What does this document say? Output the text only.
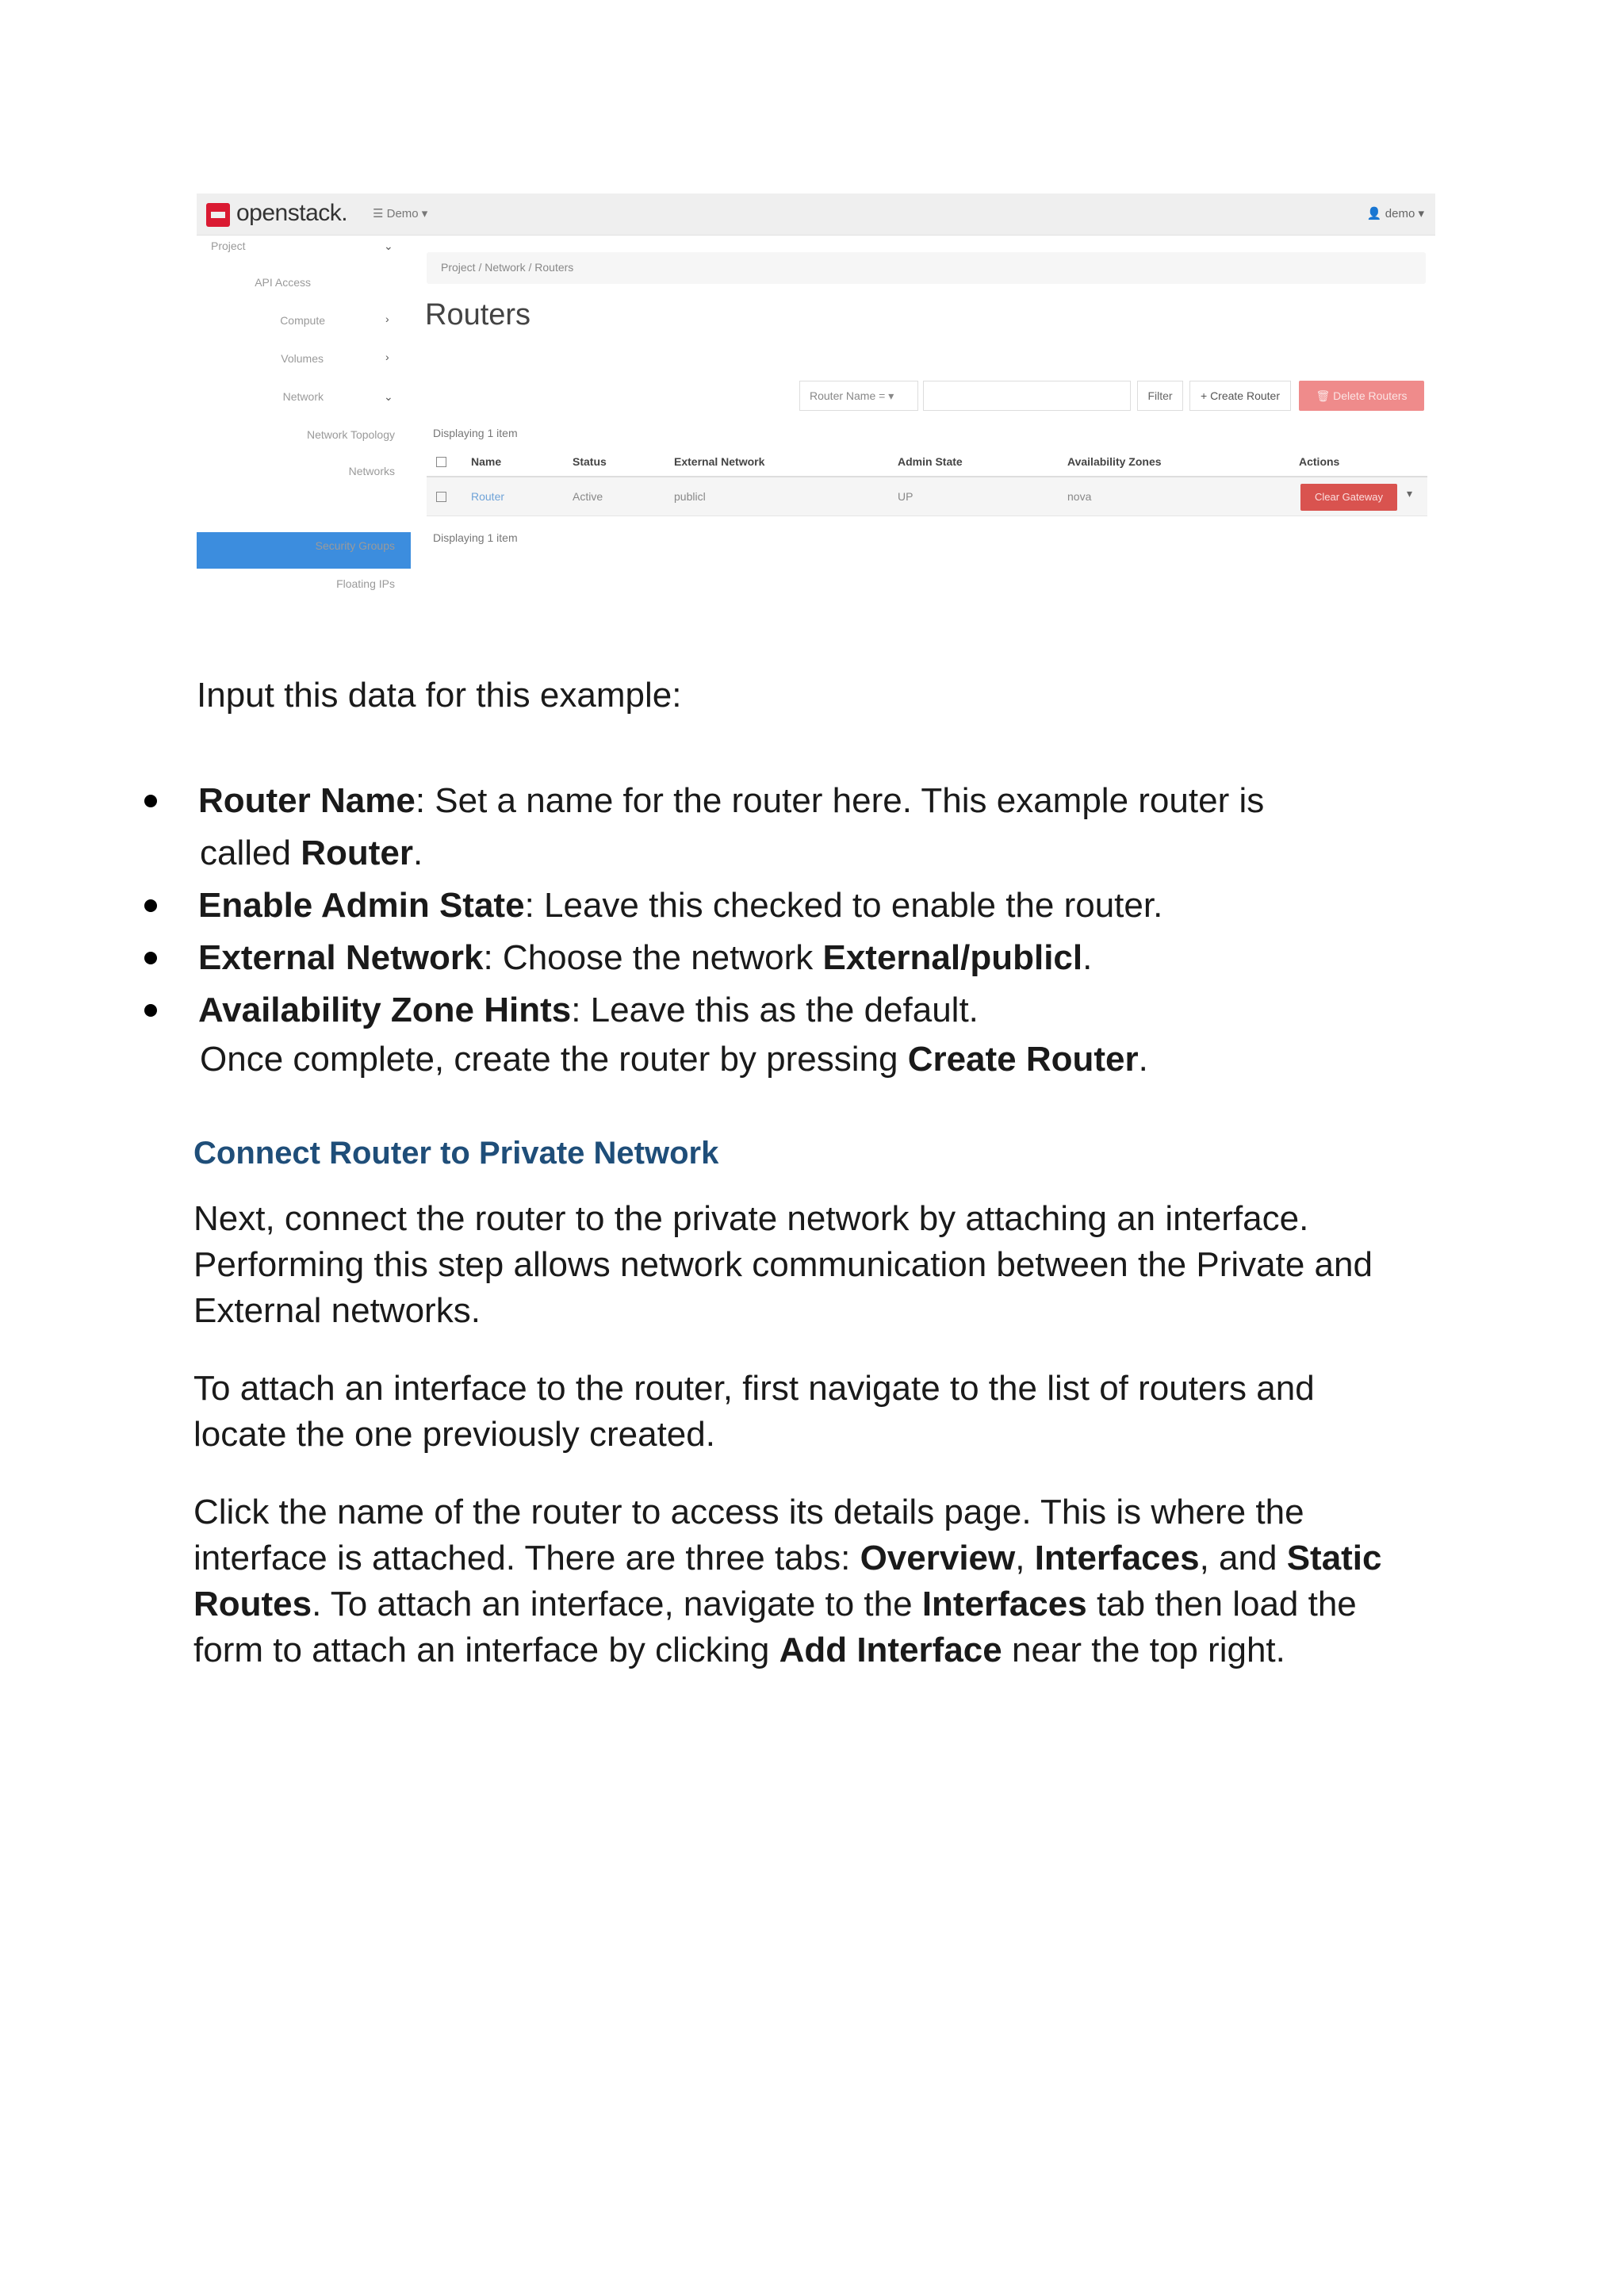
openstack. ☰ Demo ▾	👤 demo ▾
Project	⌄
API Access
Compute	›
Volumes	›
Network	⌄
Network Topology
Networks
Routers
Security Groups
Floating IPs
Project / Network / Routers
Routers
Router Name = ▾	Filter	+ Create Router	🗑 Delete Routers
Displaying 1 item
Name	Status	External Network	Admin State	Availability Zones	Actions
Router	Active	publicl	UP	nova	Clear Gateway	▾
Displaying 1 item
Input this data for this example:
Router Name: Set a name for the router here. This example router is
called Router.
Enable Admin State: Leave this checked to enable the router.
External Network: Choose the network External/publicl.
Availability Zone Hints: Leave this as the default.
Once complete, create the router by pressing Create Router.
Connect Router to Private Network
Next, connect the router to the private network by attaching an interface.
Performing this step allows network communication between the Private and
External networks.
To attach an interface to the router, first navigate to the list of routers and
locate the one previously created.
Click the name of the router to access its details page. This is where the
interface is attached. There are three tabs: Overview, Interfaces, and Static
Routes. To attach an interface, navigate to the Interfaces tab then load the
form to attach an interface by clicking Add Interface near the top right.
